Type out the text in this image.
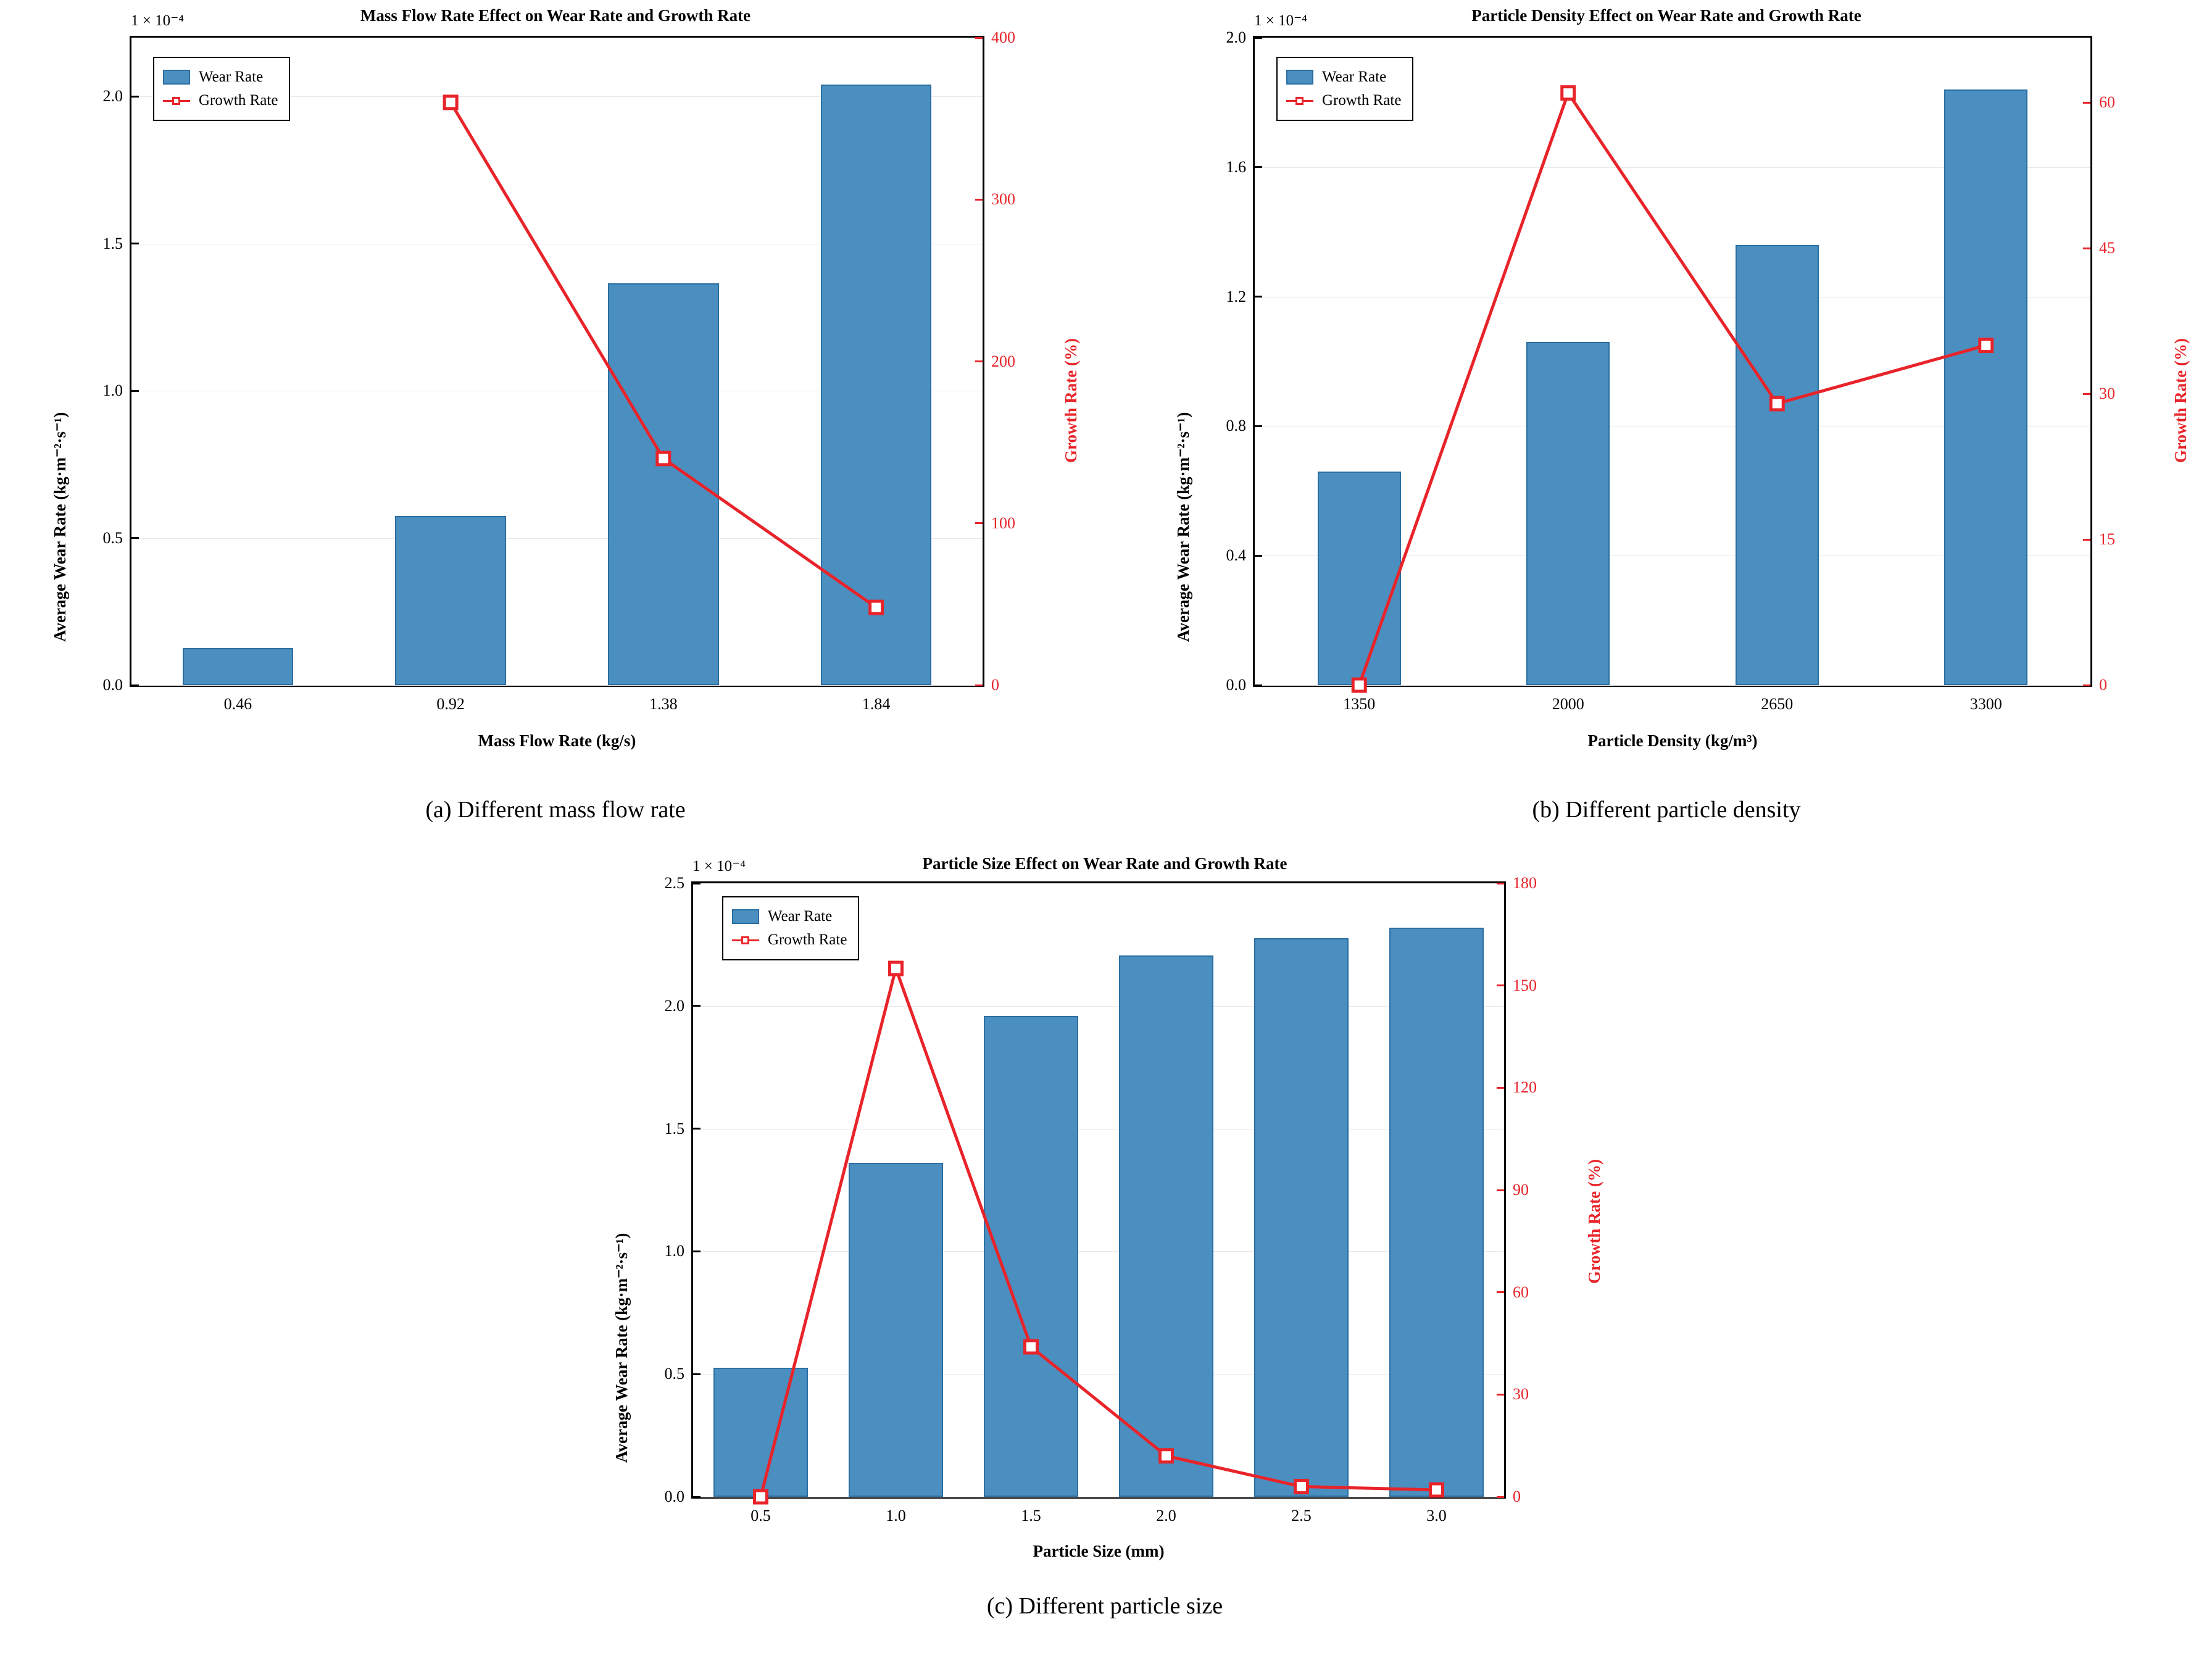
Mass Flow Rate Effect on Wear Rate and Growth Rate
0.0
0.5
1.0
1.5
2.0
0
100
200
300
400
0.46	0.92	1.38	1.84
1 × 10⁻⁴
Average Wear Rate (kg·m⁻²·s⁻¹)
Growth Rate (%)
Mass Flow Rate (kg/s)
Wear Rate
Growth Rate
Particle Density Effect on Wear Rate and Growth Rate
0.0
0.4
0.8
1.2
1.6
2.0
0
15
30
45
60
1350	2000	2650	3300
1 × 10⁻⁴
Average Wear Rate (kg·m⁻²·s⁻¹)
Growth Rate (%)
Particle Density (kg/m³)
Wear Rate
Growth Rate
(a) Different mass flow rate	(b) Different particle density
Particle Size Effect on Wear Rate and Growth Rate
0.0
0.5
1.0
1.5
2.0
2.5
0
30
60
90
120
150
180
0.5	1.0	1.5	2.0	2.5	3.0
1 × 10⁻⁴
Average Wear Rate (kg·m⁻²·s⁻¹)
Growth Rate (%)
Particle Size (mm)
Wear Rate
Growth Rate
(c) Different particle size
